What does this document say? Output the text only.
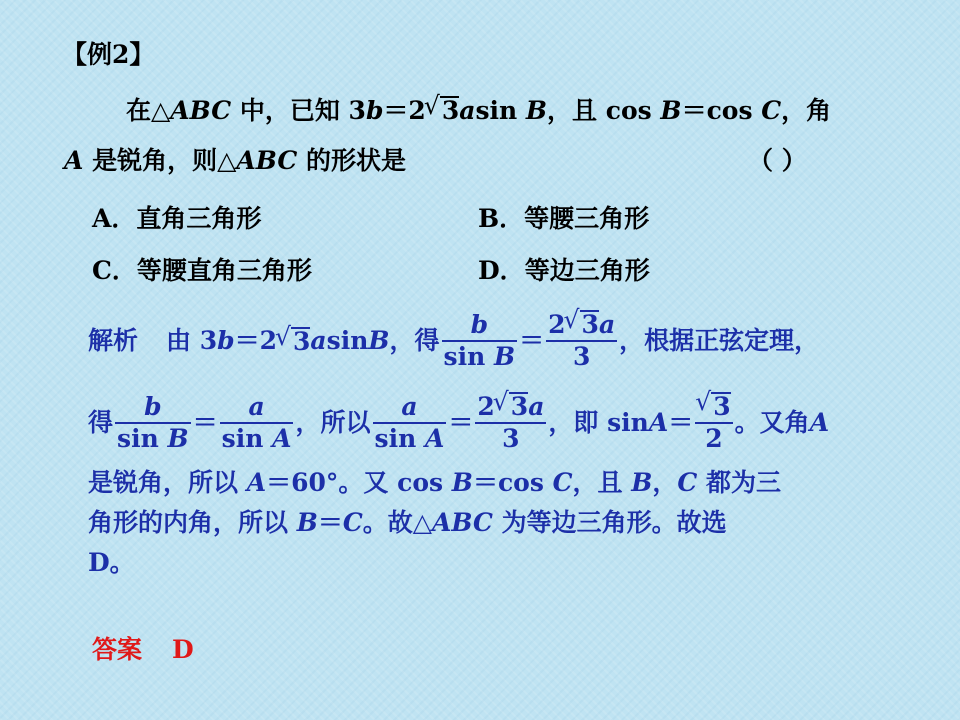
【例2】
在△ABC 中，已知 3b＝2 √ 3asin B，且 cos B＝cos C，角
A 是锐角，则△ABC 的形状是	（ ）
A．直角三角形	B．等腰三角形
C．等腰直角三角形	D．等边三角形
解析 由 3 b ＝2 √ 3 a sin B ，得 $\frac{b}{\text{sin B}} = \frac{2 √ 3a}{3}$ ，根据正弦定理，
得 $\frac{b}{\text{sin B}} = \frac{a}{\text{sin A}}$ ，所以 $\frac{a}{\text{sin A}} = \frac{2 √ 3a}{3}$ ，即 sin A ＝ √ $\frac{3}{2}$ 。又角 A
是锐角，所以 A＝60°。又 cos B＝cos C，且 B，C 都为三
角形的内角，所以 B＝C。故△ABC 为等边三角形。故选
D。
答案 D
